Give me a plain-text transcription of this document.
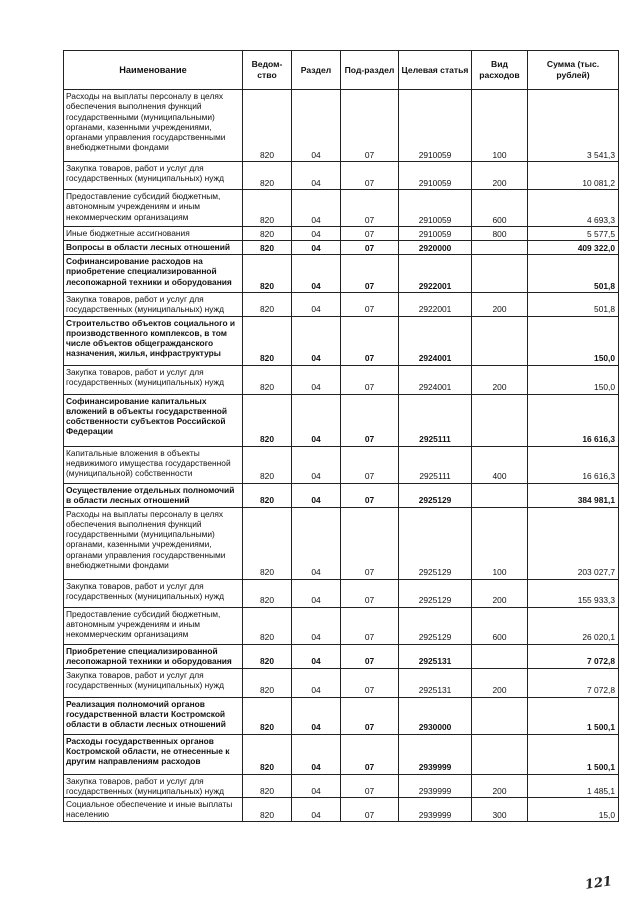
Наименование	Ведом-ство	Раздел	Под-раздел	Целевая статья	Вид расходов	Сумма (тыс. рублей)
Расходы на выплаты персоналу в целях обеспечения выполнения функций государственными (муниципальными) органами, казенными учреждениями, органами управления государственными внебюджетными фондами	820	04	07	2910059	100	3 541,3
Закупка товаров, работ и услуг для государственных (муниципальных) нужд	820	04	07	2910059	200	10 081,2
Предоставление субсидий бюджетным, автономным учреждениям и иным некоммерческим организациям	820	04	07	2910059	600	4 693,3
Иные бюджетные ассигнования	820	04	07	2910059	800	5 577,5
Вопросы в области лесных отношений	820	04	07	2920000		409 322,0
Софинансирование расходов на приобретение специализированной лесопожарной техники и оборудования	820	04	07	2922001		501,8
Закупка товаров, работ и услуг для государственных (муниципальных) нужд	820	04	07	2922001	200	501,8
Строительство объектов социального и производственного комплексов, в том числе объектов общегражданского назначения, жилья, инфраструктуры	820	04	07	2924001		150,0
Закупка товаров, работ и услуг для государственных (муниципальных) нужд	820	04	07	2924001	200	150,0
Софинансирование капитальных вложений в объекты государственной собственности субъектов Российской Федерации	820	04	07	2925111		16 616,3
Капитальные вложения в объекты недвижимого имущества государственной (муниципальной) собственности	820	04	07	2925111	400	16 616,3
Осуществление отдельных полномочий в области лесных отношений	820	04	07	2925129		384 981,1
Расходы на выплаты персоналу в целях обеспечения выполнения функций государственными (муниципальными) органами, казенными учреждениями, органами управления государственными внебюджетными фондами	820	04	07	2925129	100	203 027,7
Закупка товаров, работ и услуг для государственных (муниципальных) нужд	820	04	07	2925129	200	155 933,3
Предоставление субсидий бюджетным, автономным учреждениям и иным некоммерческим организациям	820	04	07	2925129	600	26 020,1
Приобретение специализированной лесопожарной техники и оборудования	820	04	07	2925131		7 072,8
Закупка товаров, работ и услуг для государственных (муниципальных) нужд	820	04	07	2925131	200	7 072,8
Реализация полномочий органов государственной власти Костромской области в области лесных отношений	820	04	07	2930000		1 500,1
Расходы государственных органов Костромской области, не отнесенные к другим направлениям расходов	820	04	07	2939999		1 500,1
Закупка товаров, работ и услуг для государственных (муниципальных) нужд	820	04	07	2939999	200	1 485,1
Социальное обеспечение и иные выплаты населению	820	04	07	2939999	300	15,0
121
